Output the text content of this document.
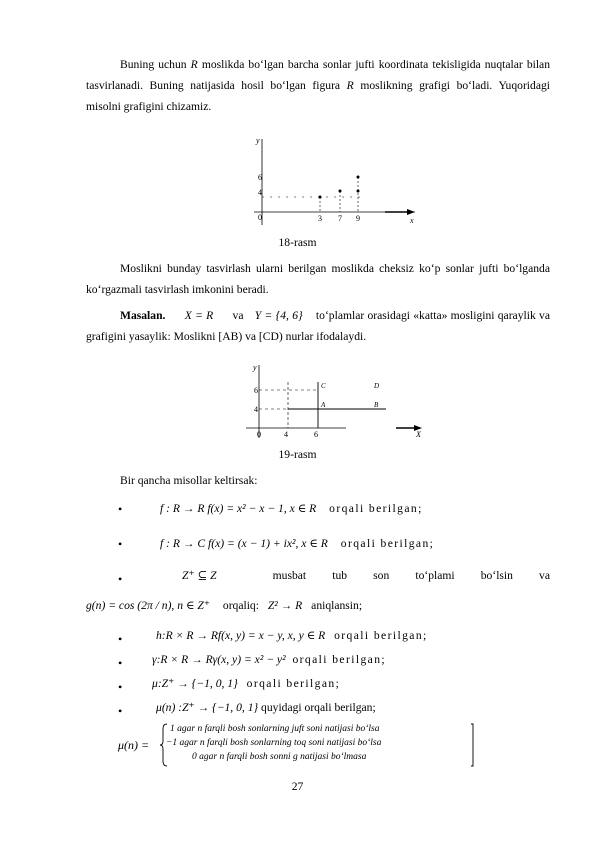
Buning uchun R moslikda bo‘lgan barcha sonlar jufti koordinata tekisligida nuqtalar bilan tasvirlanadi. Buning natijasida hosil bo‘lgan figura R moslikning grafigi bo‘ladi. Yuqoridagi misolni grafigini chizamiz.
y
x
6
4
0	3 7 9
18-rasm
Moslikni bunday tasvirlash ularni berilgan moslikda cheksiz ko‘p sonlar jufti bo‘lganda ko‘rgazmali tasvirlash imkonini beradi.
Masalan. X = R va Y = {4, 6} to‘plamlar orasidagi «katta» mosligini qaraylik va grafigini yasaylik: Moslikni [AB) va [CD) nurlar ifodalaydi.
y
X
6
4
0	4	6
C
A
D
B
19-rasm
Bir qancha misollar keltirsak:
•	f : R → R f(x) = x² − x − 1, x ∈ R orqali berilgan;
•	f : R → C f(x) = (x − 1) + ix², x ∈ R orqali berilgan;
•	Z⁺ ⊆ Z	musbat tub son to‘plami bo‘lsin va
g(n) = cos (2π / n), n ∈ Z⁺ orqaliq: Z² → R aniqlansin;
•	h:R × R → Rf(x, y) = x − y, x, y ∈ R orqali berilgan;
•	γ:R × R → Rγ(x, y) = x² − y² orqali berilgan;
•	μ:Z⁺ → {−1, 0, 1} orqali berilgan;
•	μ(n) :Z⁺ → {−1, 0, 1} quyidagi orqali berilgan;
μ(n) =
1 agar n farqli bosh sonlarning juft soni natijasi bo‘lsa
−1 agar n farqli bosh sonlarning toq soni natijasi bo‘lsa
0 agar n farqli bosh sonni g natijasi bo‘lmasa
27
